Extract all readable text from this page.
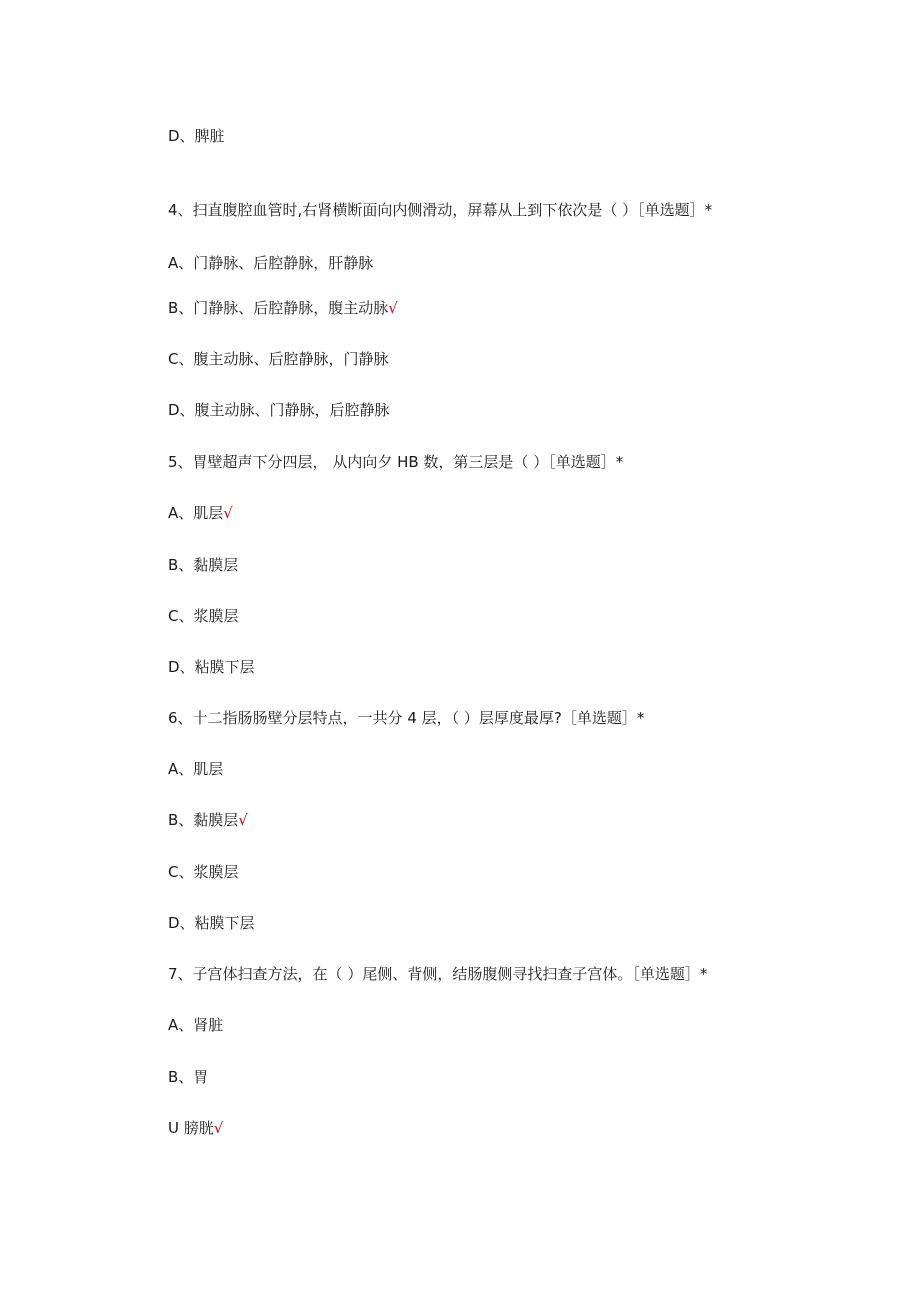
D、脾脏
4、扫直腹腔血管时,右肾横断面向内侧滑动，屏幕从上到下依次是（ ）［单选题］*
A、门静脉、后腔静脉，肝静脉
B、门静脉、后腔静脉，腹主动脉√
C、腹主动脉、后腔静脉，门静脉
D、腹主动脉、门静脉，后腔静脉
5、胃壁超声下分四层， 从内向夕 HB 数，第三层是（ ）［单选题］*
A、肌层√
B、黏膜层
C、浆膜层
D、粘膜下层
6、十二指肠肠壁分层特点，一共分 4 层，（ ）层厚度最厚?［单选题］*
A、肌层
B、黏膜层√
C、浆膜层
D、粘膜下层
7、子宫体扫查方法，在（ ）尾侧、背侧，结肠腹侧寻找扫查子宫体。［单选题］*
A、肾脏
B、胃
U 膀胱√
